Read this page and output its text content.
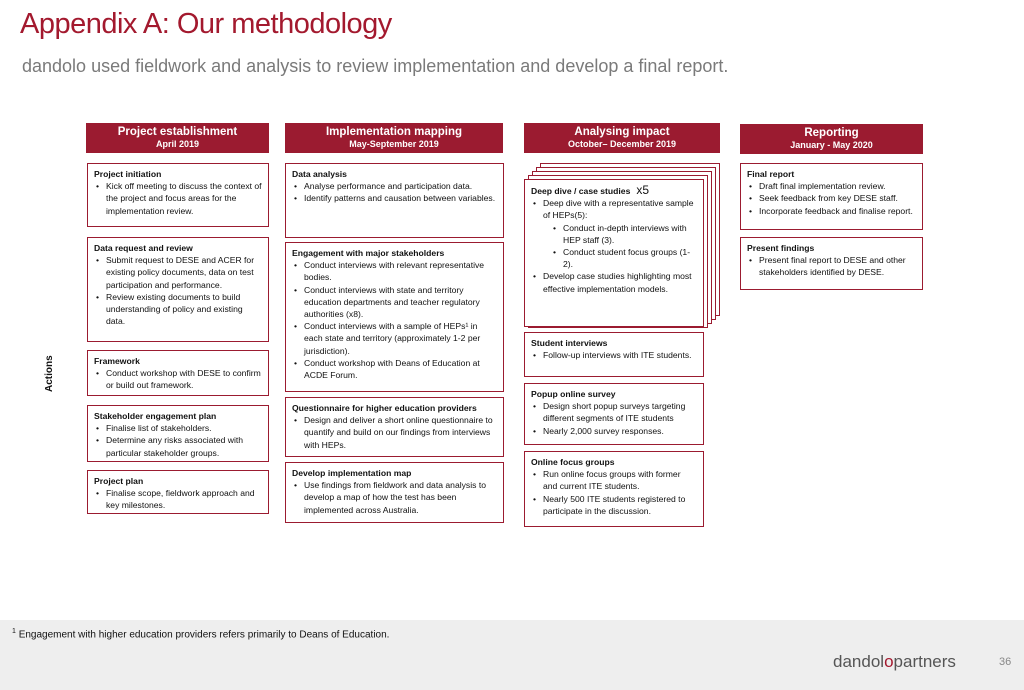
Appendix A: Our methodology
dandolo used fieldwork and analysis to review implementation and develop a final report.
Actions
Project establishment
April 2019
Implementation mapping
May-September 2019
Analysing impact
October– December 2019
Reporting
January - May 2020
Project initiation
• Kick off meeting to discuss the context of the project and focus areas for the implementation review.
Data request and review
• Submit request to DESE and ACER for existing policy documents, data on test participation and performance.
• Review existing documents to build understanding of policy and existing data.
Framework
• Conduct workshop with DESE to confirm or build out framework.
Stakeholder engagement plan
• Finalise list of stakeholders.
• Determine any risks associated with particular stakeholder groups.
Project plan
• Finalise scope, fieldwork approach and key milestones.
Data analysis
• Analyse performance and participation data.
• Identify patterns and causation between variables.
Engagement with major stakeholders
• Conduct interviews with relevant representative bodies.
• Conduct interviews with state and territory education departments and teacher regulatory authorities (x8).
• Conduct interviews with a sample of HEPs¹ in each state and territory (approximately 1-2 per jurisdiction).
• Conduct workshop with Deans of Education at ACDE Forum.
Questionnaire for higher education providers
• Design and deliver a short online questionnaire to quantify and build on our findings from interviews with HEPs.
Develop implementation map
• Use findings from fieldwork and data analysis to develop a map of how the test has been implemented across Australia.
Deep dive / case studies x5
• Deep dive with a representative sample of HEPs(5):
• Conduct in-depth interviews with HEP staff (3).
• Conduct student focus groups (1-2).
• Develop case studies highlighting most effective implementation models.
Student interviews
• Follow-up interviews with ITE students.
Popup online survey
• Design short popup surveys targeting different segments of ITE students
• Nearly 2,000 survey responses.
Online focus groups
• Run online focus groups with former and current ITE students.
• Nearly 500 ITE students registered to participate in the discussion.
Final report
• Draft final implementation review.
• Seek feedback from key DESE staff.
• Incorporate feedback and finalise report.
Present findings
• Present final report to DESE and other stakeholders identified by DESE.
$^1$ Engagement with higher education providers refers primarily to Deans of Education.
dandolopartners	36
